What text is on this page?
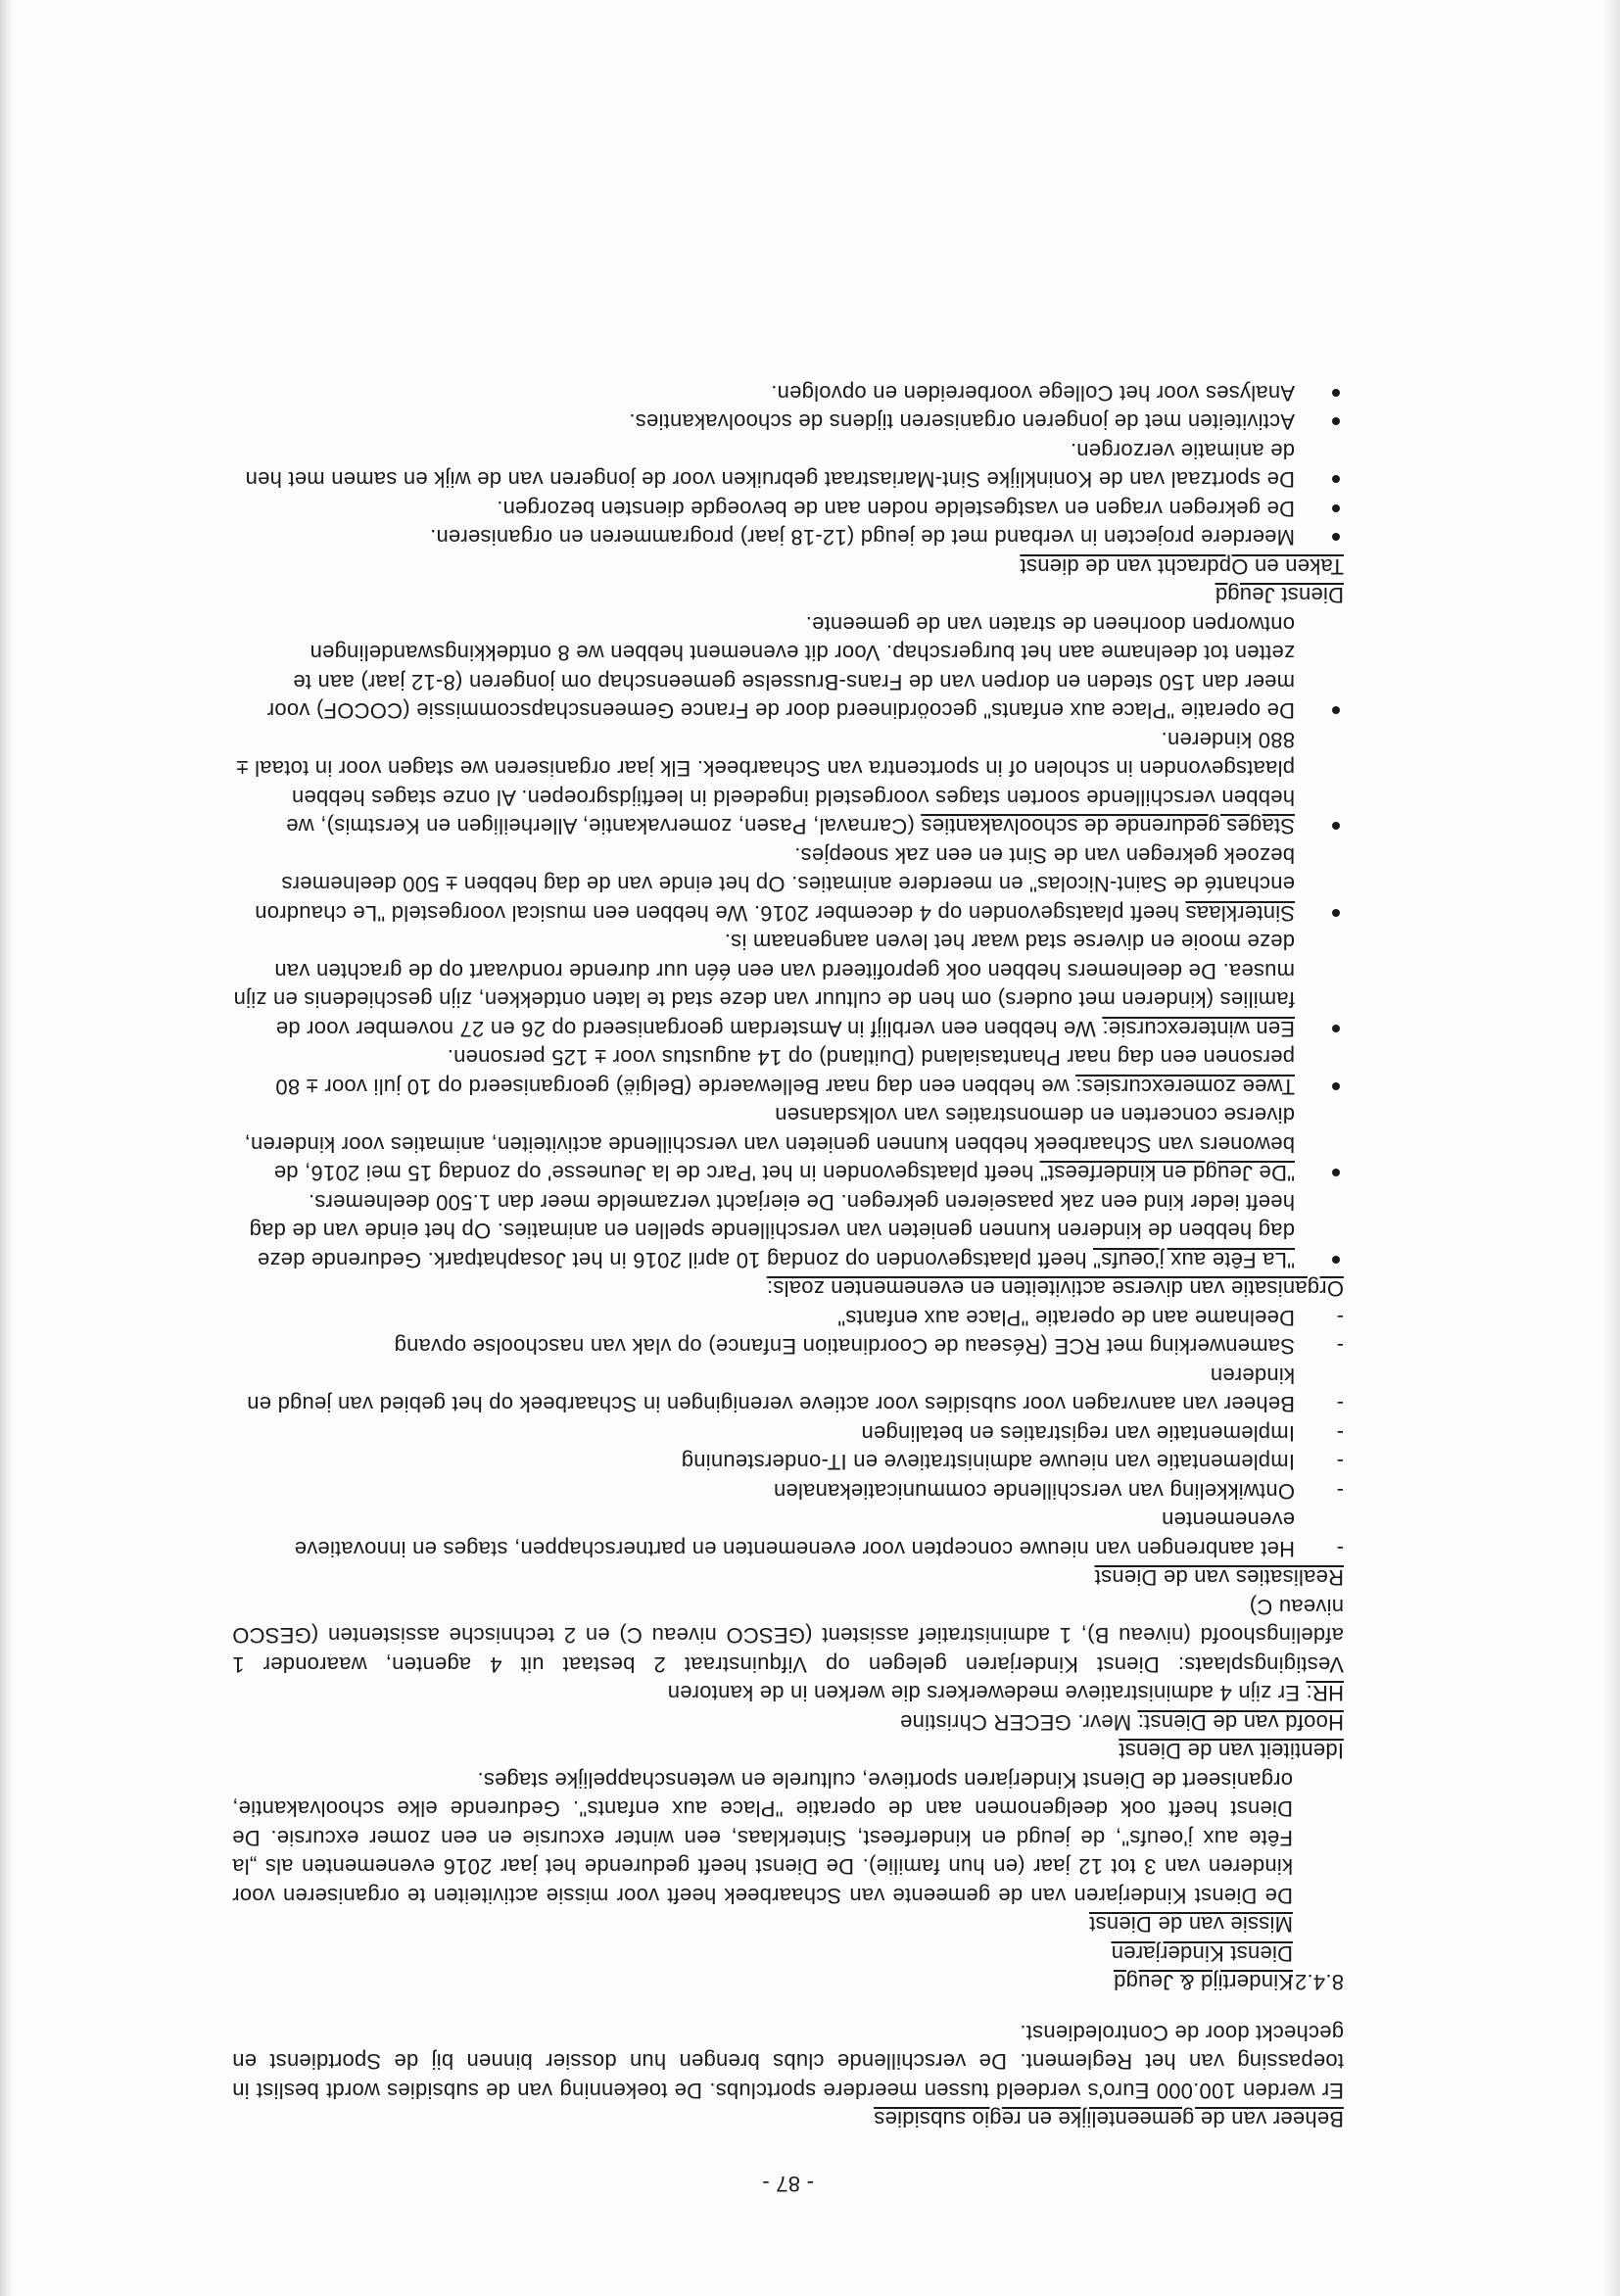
- 87 -

Beheer van de gemeentelijke en regio subsidies

Er werden 100.000 Euro's verdeeld tussen meerdere sportclubs. De toekenning van de subsidies wordt beslist in toepassing van het Reglement. De verschillende clubs brengen hun dossier binnen bij de Sportdienst en gecheckt door de Controledienst.

8.4.2.Kindertijd & Jeugd

Dienst Kinderjaren

Missie van de Dienst

De Dienst Kinderjaren van de gemeente van Schaarbeek heeft voor missie activiteiten te organiseren voor kinderen van 3 tot 12 jaar (en hun familie). De Dienst heeft gedurende het jaar 2016 evenementen als „la Fête aux j'oeufs", de jeugd en kinderfeest, Sinterklaas, een winter excursie en een zomer excursie. De Dienst heeft ook deelgenomen aan de operatie "Place aux enfants". Gedurende elke schoolvakantie, organiseert de Dienst Kinderjaren sportieve, culturele en wetenschappelijke stages.

Identiteit van de Dienst

Hoofd van de Dienst: Mevr. GECER Christine

HR: Er zijn 4 administratieve medewerkers die werken in de kantoren

Vestigingsplaats: Dienst Kinderjaren gelegen op Vifquinstraat 2 bestaat uit 4 agenten, waaronder 1 afdelingshoofd (niveau B), 1 administratief assistent (GESCO niveau C) en 2 technische assistenten (GESCO niveau C)

Realisaties van de Dienst

- Het aanbrengen van nieuwe concepten voor evenementen en partnerschappen, stages en innovatieve evenementen
- Ontwikkeling van verschillende communicatiekanalen
- Implementatie van nieuwe administratieve en IT-ondersteuning
- Implementatie van registraties en betalingen
- Beheer van aanvragen voor subsidies voor actieve verenigingen in Schaarbeek op het gebied van jeugd en kinderen
- Samenwerking met RCE (Réseau de Coordination Enfance) op vlak van naschoolse opvang
- Deelname aan de operatie "Place aux enfants"

Organisatie van diverse activiteiten en evenementen zoals:

"La Fête aux j'oeufs" heeft plaatsgevonden op zondag 10 april 2016 in het Josaphatpark. Gedurende deze dag hebben de kinderen kunnen genieten van verschillende spellen en animaties. Op het einde van de dag heeft ieder kind een zak paaseieren gekregen. De eierjacht verzamelde meer dan 1.500 deelnemers.
"De Jeugd en kinderfeest" heeft plaatsgevonden in het 'Parc de la Jeunesse' op zondag 15 mei 2016, de bewoners van Schaarbeek hebben kunnen genieten van verschillende activiteiten, animaties voor kinderen, diverse concerten en demonstraties van volksdansen
Twee zomerexcursies: we hebben een dag naar Bellewaerde (België) georganiseerd op 10 juli voor ± 80 personen een dag naar Phantasialand (Duitland) op 14 augustus voor ± 125 personen.
Een winterexcursie: We hebben een verblijf in Amsterdam georganiseerd op 26 en 27 november voor de families (kinderen met ouders) om hen de cultuur van deze stad te laten ontdekken, zijn geschiedenis en zijn musea. De deelnemers hebben ook geprofiteerd van een één uur durende rondvaart op de grachten van deze mooie en diverse stad waar het leven aangenaam is.
Sinterklaas heeft plaatsgevonden op 4 december 2016. We hebben een musical voorgesteld "Le chaudron enchanté de Saint-Nicolas" en meerdere animaties. Op het einde van de dag hebben ± 500 deelnemers bezoek gekregen van de Sint en een zak snoepjes.
Stages gedurende de schoolvakanties (Carnaval, Pasen, zomervakantie, Allerheiligen en Kerstmis), we hebben verschillende soorten stages voorgesteld ingedeeld in leeftijdsgroepen. Al onze stages hebben plaatsgevonden in scholen of in sportcentra van Schaarbeek. Elk jaar organiseren we stagen voor in totaal ± 880 kinderen.
De operatie "Place aux enfants" gecoördineerd door de France Gemeenschapscommissie (COCOF) voor meer dan 150 steden en dorpen van de Frans-Brusselse gemeenschap om jongeren (8-12 jaar) aan te zetten tot deelname aan het burgerschap. Voor dit evenement hebben we 8 ontdekkingswandelingen ontworpen doorheen de straten van de gemeente.

Dienst Jeugd

Taken en Opdracht van de dienst

Meerdere projecten in verband met de jeugd (12-18 jaar) programmeren en organiseren.
De gekregen vragen en vastgestelde noden aan de bevoegde diensten bezorgen.
De sportzaal van de Koninklijke Sint-Mariastraat gebruiken voor de jongeren van de wijk en samen met hen de animatie verzorgen.
Activiteiten met de jongeren organiseren tijdens de schoolvakanties.
Analyses voor het College voorbereiden en opvolgen.
